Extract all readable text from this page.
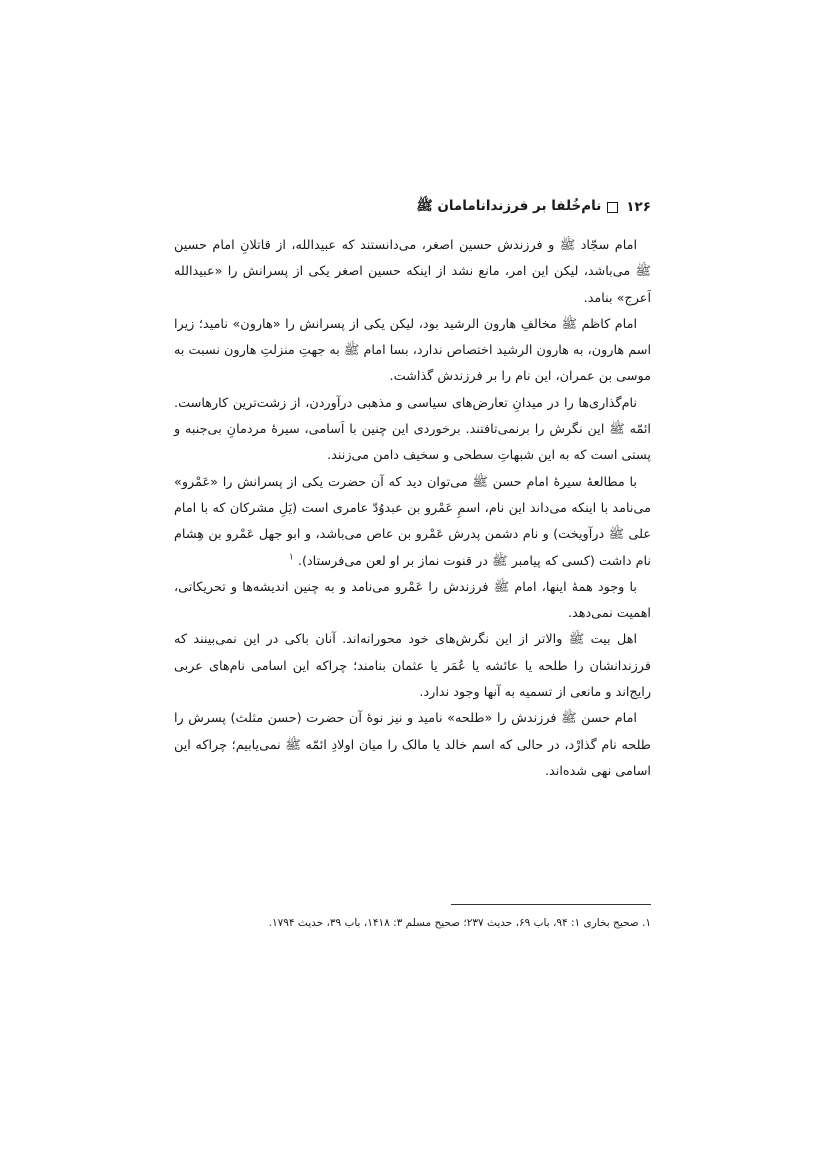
۱۲۶
نام‌خُلفا بر فرزندانامامان ﷺ

امام سجّاد ﷺ و فرزندش حسین اصغر، می‌دانستند که عبیدالله، از قاتلانِ امام حسین ﷺ می‌باشد، لیکن این امر، مانع نشد از اینکه حسین اصغر یکی از پسرانش را «عبیدالله اَعرج» بنامد.

امام کاظم ﷺ مخالفِ هارون الرشید بود، لیکن یکی از پسرانش را «هارون» نامید؛ زیرا اسم هارون، به هارون الرشید اختصاص ندارد، بسا امام ﷺ به جهتِ منزلتِ هارون نسبت به موسی بن عمران، این نام را بر فرزندش گذاشت.

نام‌گذاری‌ها را در میدانِ تعارض‌های سیاسی و مذهبی درآوردن، از زشت‌ترین کارهاست. ائمّه ﷺ این نگرش را برنمی‌تافتند. برخوردی این چنین با اَسامی، سیرهٔ مردمانِ بی‌جنبه و پستی است که به این شبهاتِ سطحی و سخیف دامن می‌زنند.

با مطالعهٔ سیرهٔ امام حسن ﷺ می‌توان دید که آن حضرت یکی از پسرانش را «عَمْرو» می‌نامد با اینکه می‌داند این نام، اسمِ عَمْرو بن عبدوُدّ عامری است (یَلِ مشرکان که با امام علی ﷺ درآویخت) و نام دشمن پدرش عَمْرو بن عاص می‌باشد، و ابو جهل عَمْرو بن هِشام نام داشت (کسی که پیامبر ﷺ در قنوت نماز بر او لعن می‌فرستاد). $^۱$

با وجود همهٔ اینها، امام ﷺ فرزندش را عَمْرو می‌نامد و به چنین اندیشه‌ها و تحریکاتی، اهمیت نمی‌دهد.

اهل بیت ﷺ والاتر از این نگرش‌های خود محورانه‌اند. آنان باکی در این نمی‌بینند که فرزندانشان را طلحه یا عائشه یا عُمَر یا عثمان بنامند؛ چراکه این اسامی نام‌های عربی رایج‌اند و مانعی از تسمیه به آنها وجود ندارد.

امام حسن ﷺ فرزندش را «طلحه» نامید و نیز نوهٔ آن حضرت (حسن مثلث) پسرش را طلحه نام گذارْد، در حالی که اسم خالد یا مالک را میان اولادِ ائمّه ﷺ نمی‌یابیم؛ چراکه این اسامی نهی شده‌اند.

۱. صحیح بخاری ۱: ۹۴، باب ۶۹، حدیث ۲۳۷؛ صحیح مسلم ۳: ۱۴۱۸، باب ۳۹، حدیث ۱۷۹۴.
